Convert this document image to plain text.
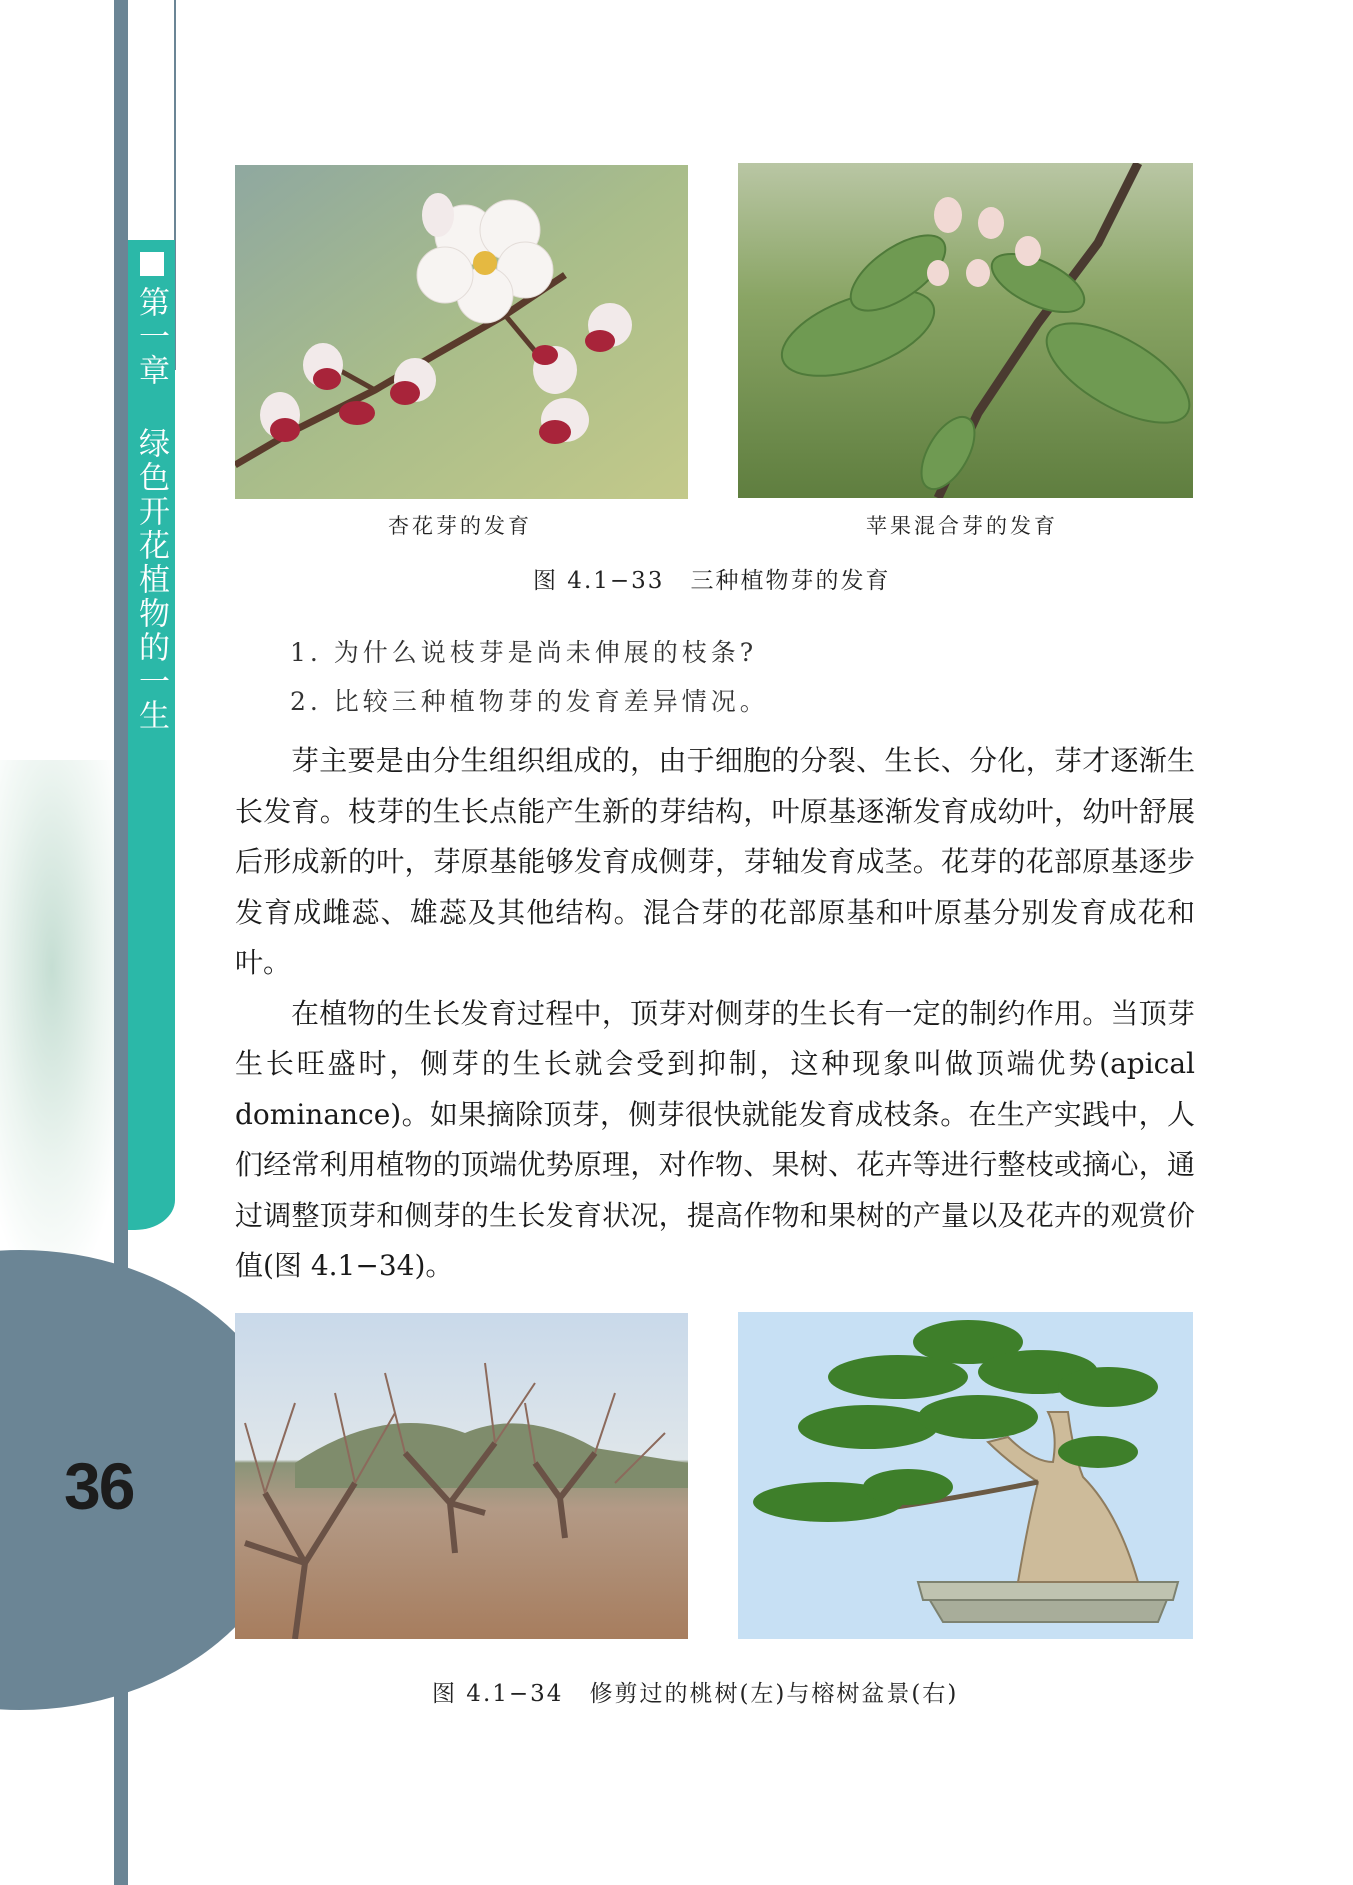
第一章 绿色开花植物的一生
36
杏花芽的发育	苹果混合芽的发育
图 4.1−33 三种植物芽的发育
1. 为什么说枝芽是尚未伸展的枝条?
2. 比较三种植物芽的发育差异情况。

芽主要是由分生组织组成的，由于细胞的分裂、生长、分化，芽才逐渐生长发育。枝芽的生长点能产生新的芽结构，叶原基逐渐发育成幼叶，幼叶舒展后形成新的叶，芽原基能够发育成侧芽，芽轴发育成茎。花芽的花部原基逐步发育成雌蕊、雄蕊及其他结构。混合芽的花部原基和叶原基分别发育成花和叶。

在植物的生长发育过程中，顶芽对侧芽的生长有一定的制约作用。当顶芽生长旺盛时，侧芽的生长就会受到抑制，这种现象叫做顶端优势(apical dominance)。如果摘除顶芽，侧芽很快就能发育成枝条。在生产实践中，人们经常利用植物的顶端优势原理，对作物、果树、花卉等进行整枝或摘心，通过调整顶芽和侧芽的生长发育状况，提高作物和果树的产量以及花卉的观赏价值(图 4.1−34)。

图 4.1−34 修剪过的桃树(左)与榕树盆景(右)
